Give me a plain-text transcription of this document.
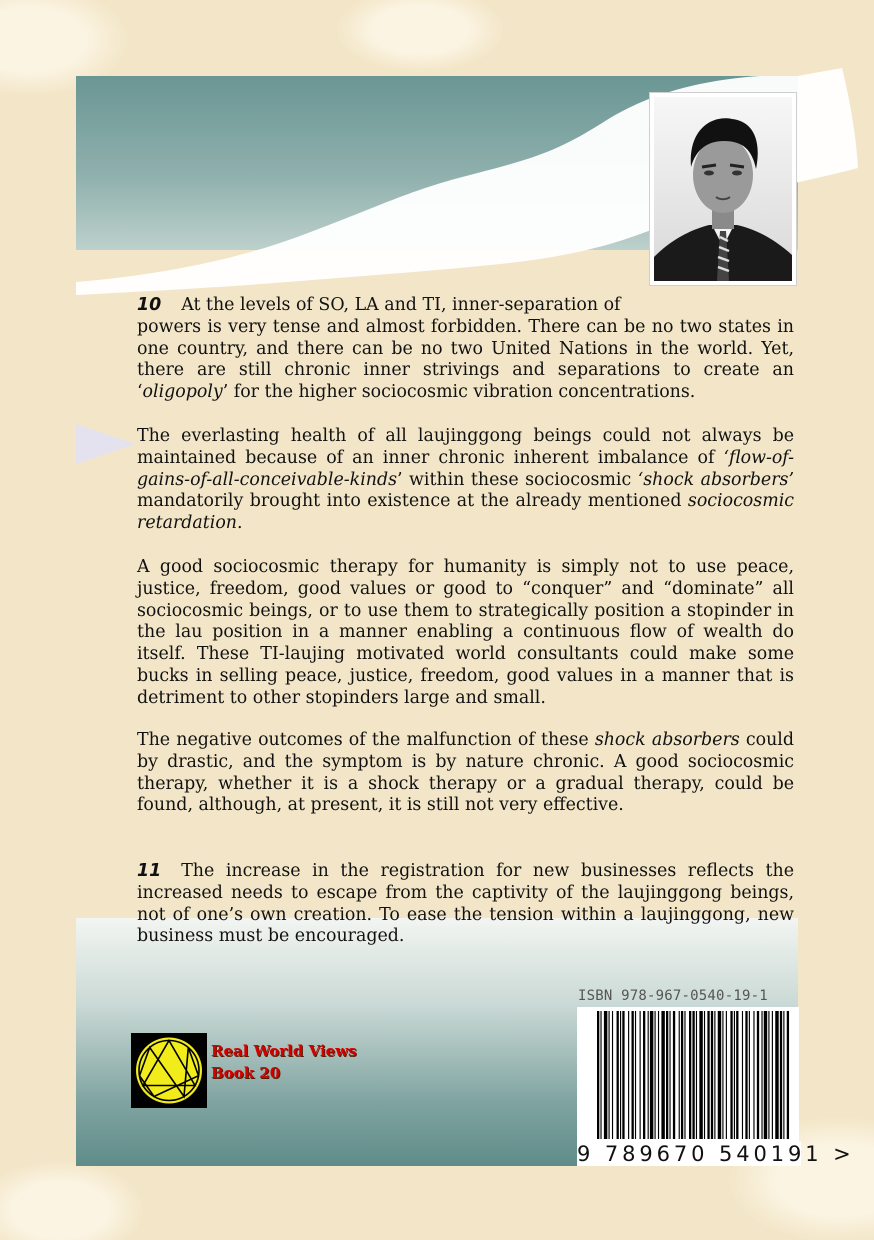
10 At the levels of SO, LA and TI, inner-separation of
powers is very tense and almost forbidden. There can be no two states in one country, and there can be no two United Nations in the world. Yet, there are still chronic inner strivings and separations to create an ‘oligopoly’ for the higher sociocosmic vibration concentrations.
The everlasting health of all laujinggong beings could not always be maintained because of an inner chronic inherent imbalance of ‘flow-of-gains-of-all-conceivable-kinds’ within these sociocosmic ‘shock absorbers’ mandatorily brought into existence at the already mentioned sociocosmic retardation.
A good sociocosmic therapy for humanity is simply not to use peace, justice, freedom, good values or good to “conquer” and “dominate” all sociocosmic beings, or to use them to strategically position a stopinder in the lau position in a manner enabling a continuous flow of wealth do itself. These TI-laujing motivated world consultants could make some bucks in selling peace, justice, freedom, good values in a manner that is detriment to other stopinders large and small.
The negative outcomes of the malfunction of these shock absorbers could by drastic, and the symptom is by nature chronic. A good sociocosmic therapy, whether it is a shock therapy or a gradual therapy, could be found, although, at present, it is still not very effective.
11 The increase in the registration for new businesses reflects the increased needs to escape from the captivity of the laujinggong beings, not of one’s own creation. To ease the tension within a laujinggong, new business must be encouraged.
ISBN 978-967-0540-19-1
9 789670 540191 >
Real World Views
Book 20
